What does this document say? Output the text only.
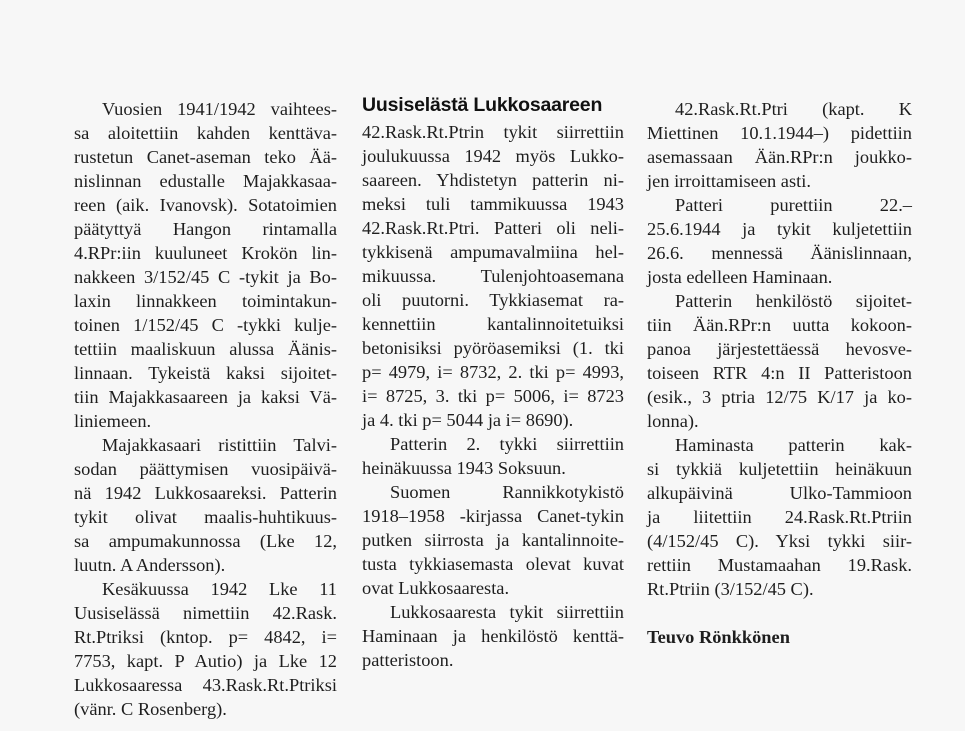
Vuosien 1941/1942 vaihtees-
sa aloitettiin kahden kenttäva-
rustetun Canet-aseman teko Ää-
nislinnan edustalle Majakkasaa-
reen (aik. Ivanovsk). Sotatoimien
päätyttyä Hangon rintamalla
4.RPr:iin kuuluneet Krokön lin-
nakkeen 3/152/45 C -tykit ja Bo-
laxin linnakkeen toimintakun-
toinen 1/152/45 C -tykki kulje-
tettiin maaliskuun alussa Äänis-
linnaan. Tykeistä kaksi sijoitet-
tiin Majakkasaareen ja kaksi Vä-
liniemeen.

Majakkasaari ristittiin Talvi-
sodan päättymisen vuosipäivä-
nä 1942 Lukkosaareksi. Patterin
tykit olivat maalis-huhtikuus-
sa ampumakunnossa (Lke 12,
luutn. A Andersson).

Kesäkuussa 1942 Lke 11
Uusiselässä nimettiin 42.Rask.
Rt.Ptriksi (kntop. p= 4842, i=
7753, kapt. P Autio) ja Lke 12
Lukkosaaressa 43.Rask.Rt.Ptriksi
(vänr. C Rosenberg).

Uusiselästä Lukkosaareen

42.Rask.Rt.Ptrin tykit siirrettiin
joulukuussa 1942 myös Lukko-
saareen. Yhdistetyn patterin ni-
meksi tuli tammikuussa 1943
42.Rask.Rt.Ptri. Patteri oli neli-
tykkisenä ampumavalmiina hel-
mikuussa. Tulenjohtoasemana
oli puutorni. Tykkiasemat ra-
kennettiin kantalinnoitetuiksi
betonisiksi pyöröasemiksi (1. tki
p= 4979, i= 8732, 2. tki p= 4993,
i= 8725, 3. tki p= 5006, i= 8723
ja 4. tki p= 5044 ja i= 8690).

Patterin 2. tykki siirrettiin
heinäkuussa 1943 Soksuun.

Suomen Rannikkotykistö
1918–1958 -kirjassa Canet-tykin
putken siirrosta ja kantalinnoite-
tusta tykkiasemasta olevat kuvat
ovat Lukkosaaresta.

Lukkosaaresta tykit siirrettiin
Haminaan ja henkilöstö kenttä-
patteristoon.

42.Rask.Rt.Ptri (kapt. K
Miettinen 10.1.1944–) pidettiin
asemassaan Ään.RPr:n joukko-
jen irroittamiseen asti.

Patteri purettiin 22.–
25.6.1944 ja tykit kuljetettiin
26.6. mennessä Äänislinnaan,
josta edelleen Haminaan.

Patterin henkilöstö sijoitet-
tiin Ään.RPr:n uutta kokoon-
panoa järjestettäessä hevosve-
toiseen RTR 4:n II Patteristoon
(esik., 3 ptria 12/75 K/17 ja ko-
lonna).

Haminasta patterin kak-
si tykkiä kuljetettiin heinäkuun
alkupäivinä Ulko-Tammioon
ja liitettiin 24.Rask.Rt.Ptriin
(4/152/45 C). Yksi tykki siir-
rettiin Mustamaahan 19.Rask.
Rt.Ptriin (3/152/45 C).

Teuvo Rönkkönen
